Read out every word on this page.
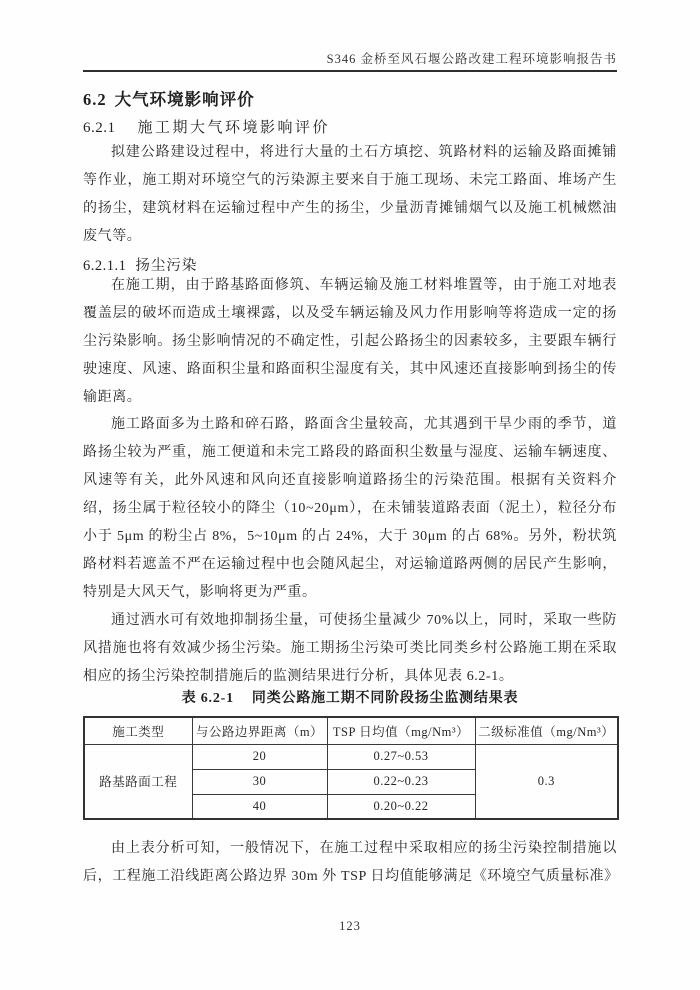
S346 金桥至风石堰公路改建工程环境影响报告书
6.2 大气环境影响评价
6.2.1 施工期大气环境影响评价
拟建公路建设过程中，将进行大量的土石方填挖、筑路材料的运输及路面摊铺等作业，施工期对环境空气的污染源主要来自于施工现场、未完工路面、堆场产生的扬尘，建筑材料在运输过程中产生的扬尘，少量沥青摊铺烟气以及施工机械燃油废气等。
6.2.1.1 扬尘污染
在施工期，由于路基路面修筑、车辆运输及施工材料堆置等，由于施工对地表覆盖层的破坏而造成土壤裸露，以及受车辆运输及风力作用影响等将造成一定的扬尘污染影响。扬尘影响情况的不确定性，引起公路扬尘的因素较多，主要跟车辆行驶速度、风速、路面积尘量和路面积尘湿度有关，其中风速还直接影响到扬尘的传输距离。
施工路面多为土路和碎石路，路面含尘量较高，尤其遇到干旱少雨的季节，道路扬尘较为严重，施工便道和未完工路段的路面积尘数量与湿度、运输车辆速度、风速等有关，此外风速和风向还直接影响道路扬尘的污染范围。根据有关资料介绍，扬尘属于粒径较小的降尘（10~20μm），在未铺装道路表面（泥土），粒径分布小于 5μm 的粉尘占 8%，5~10μm 的占 24%，大于 30μm 的占 68%。另外，粉状筑路材料若遮盖不严在运输过程中也会随风起尘，对运输道路两侧的居民产生影响，特别是大风天气，影响将更为严重。
通过洒水可有效地抑制扬尘量，可使扬尘量减少 70%以上，同时，采取一些防风措施也将有效减少扬尘污染。施工期扬尘污染可类比同类乡村公路施工期在采取相应的扬尘污染控制措施后的监测结果进行分析，具体见表 6.2-1。
表 6.2-1 同类公路施工期不同阶段扬尘监测结果表
施工类型	与公路边界距离（m）	TSP 日均值（mg/Nm³）	二级标准值（mg/Nm³）
路基路面工程	20	0.27~0.53	0.3
	30	0.22~0.23	
	40	0.20~0.22	
由上表分析可知，一般情况下，在施工过程中采取相应的扬尘污染控制措施以后，工程施工沿线距离公路边界 30m 外 TSP 日均值能够满足《环境空气质量标准》
123
